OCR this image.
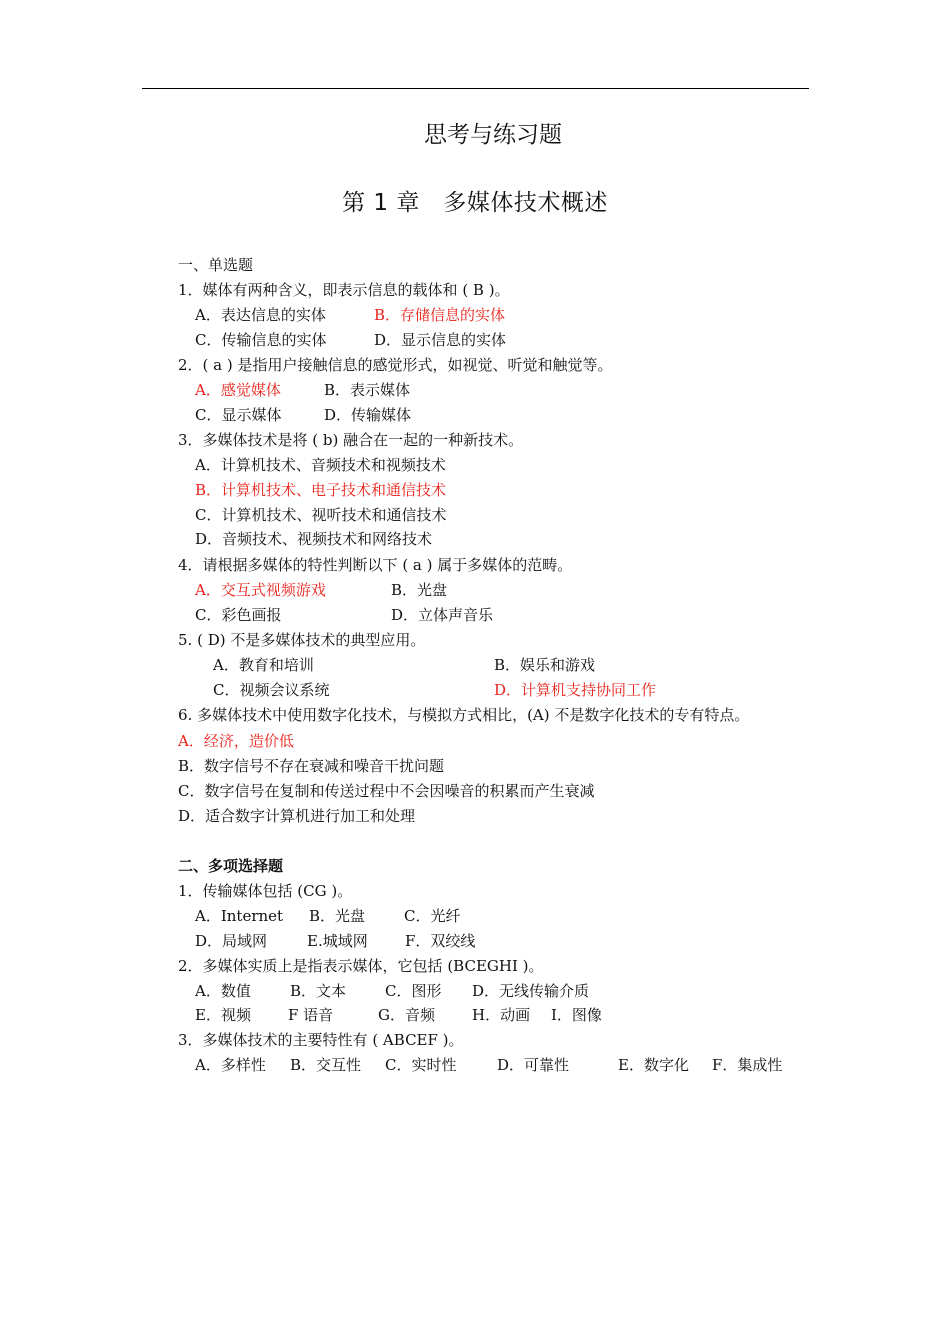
思考与练习题
第 1 章　多媒体技术概述
一、单选题
1．媒体有两种含义，即表示信息的载体和 ( B )。
A．表达信息的实体	B．存储信息的实体
C．传输信息的实体	D．显示信息的实体
2．( a ) 是指用户接触信息的感觉形式，如视觉、听觉和触觉等。
A．感觉媒体	B．表示媒体
C．显示媒体	D．传输媒体
3．多媒体技术是将 ( b) 融合在一起的一种新技术。
A．计算机技术、音频技术和视频技术
B．计算机技术、电子技术和通信技术
C．计算机技术、视听技术和通信技术
D．音频技术、视频技术和网络技术
4．请根据多媒体的特性判断以下 ( a ) 属于多媒体的范畴。
A．交互式视频游戏	B．光盘
C．彩色画报	D．立体声音乐
5. ( D) 不是多媒体技术的典型应用。
A．教育和培训	B．娱乐和游戏
C．视频会议系统	D．计算机支持协同工作
6. 多媒体技术中使用数字化技术，与模拟方式相比，(A) 不是数字化技术的专有特点。
A．经济，造价低
B．数字信号不存在衰减和噪音干扰问题
C．数字信号在复制和传送过程中不会因噪音的积累而产生衰减
D．适合数字计算机进行加工和处理
二、多项选择题
1．传输媒体包括 (CG )。
A．Internet B．光盘	C．光纤
D．局域网	E.城域网 F．双绞线
2．多媒体实质上是指表示媒体，它包括 (BCEGHI )。
A．数值	B．文本	C．图形 D．无线传输介质
E．视频 F 语音	G．音频 H．动画 I．图像
3．多媒体技术的主要特性有 ( ABCEF )。
A．多样性 B．交互性 C．实时性	D．可靠性	E．数字化 F．集成性
